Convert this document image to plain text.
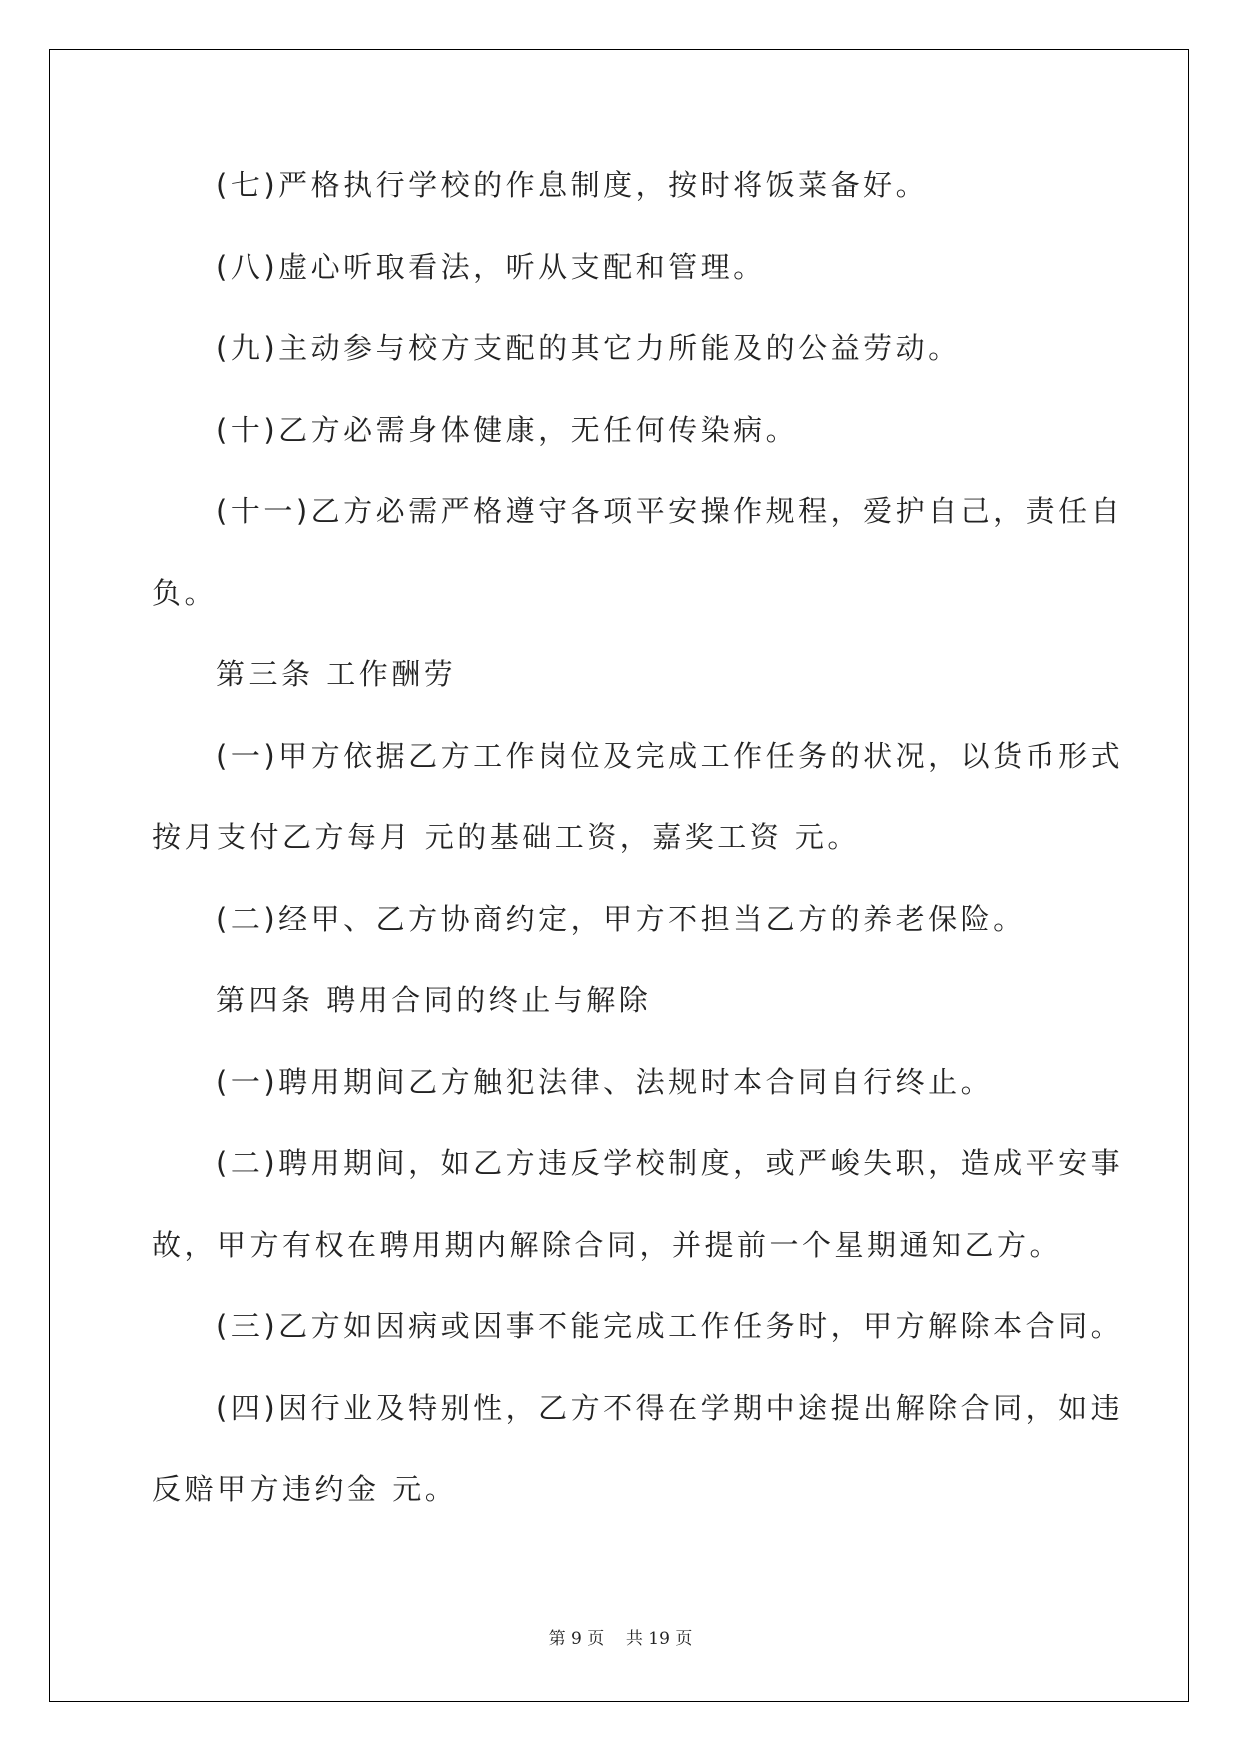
(七)严格执行学校的作息制度，按时将饭菜备好。
(八)虚心听取看法，听从支配和管理。
(九)主动参与校方支配的其它力所能及的公益劳动。
(十)乙方必需身体健康，无任何传染病。
(十一)乙方必需严格遵守各项平安操作规程，爱护自己，责任自
负。
第三条 工作酬劳
(一)甲方依据乙方工作岗位及完成工作任务的状况，以货币形式
按月支付乙方每月 元的基础工资，嘉奖工资 元。
(二)经甲、乙方协商约定，甲方不担当乙方的养老保险。
第四条 聘用合同的终止与解除
(一)聘用期间乙方触犯法律、法规时本合同自行终止。
(二)聘用期间，如乙方违反学校制度，或严峻失职，造成平安事
故，甲方有权在聘用期内解除合同，并提前一个星期通知乙方。
(三)乙方如因病或因事不能完成工作任务时，甲方解除本合同。
(四)因行业及特别性，乙方不得在学期中途提出解除合同，如违
反赔甲方违约金 元。
第 9 页    共 19 页
